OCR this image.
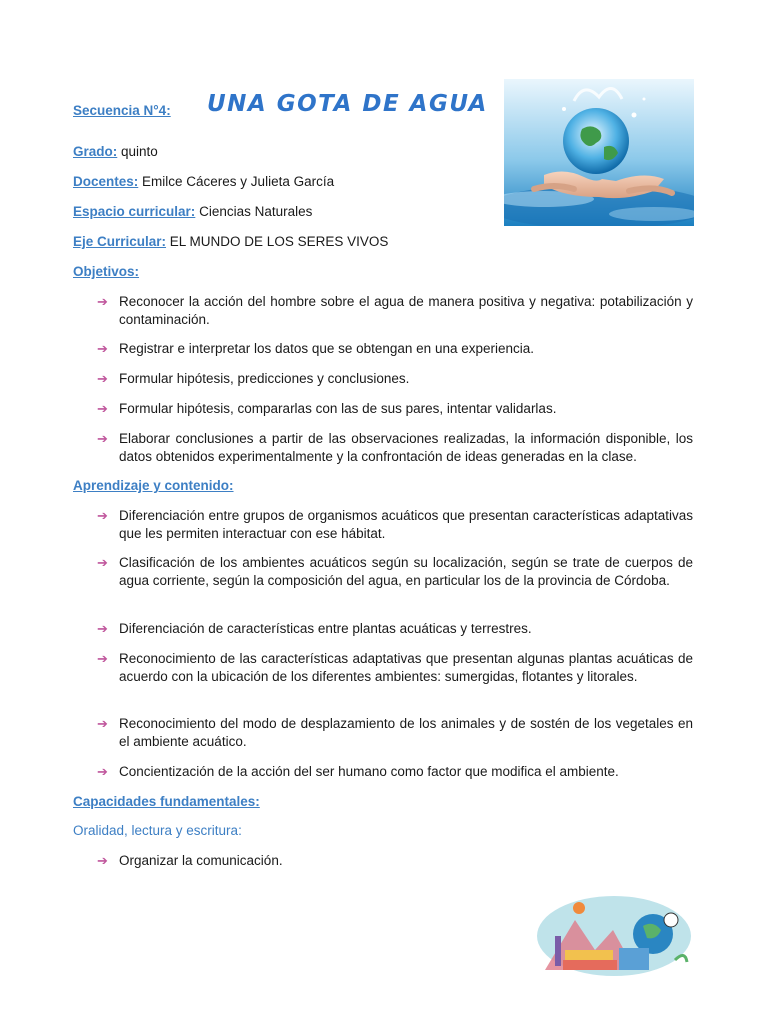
Secuencia N°4: UNA GOTA DE AGUA
Grado: quinto
Docentes: Emilce Cáceres y Julieta García
Espacio curricular: Ciencias Naturales
Eje Curricular: EL MUNDO DE LOS SERES VIVOS
Objetivos:
➔ Reconocer la acción del hombre sobre el agua de manera positiva y negativa: potabilización y contaminación.
➔ Registrar e interpretar los datos que se obtengan en una experiencia.
➔ Formular hipótesis, predicciones y conclusiones.
➔ Formular hipótesis, compararlas con las de sus pares, intentar validarlas.
➔ Elaborar conclusiones a partir de las observaciones realizadas, la información disponible, los datos obtenidos experimentalmente y la confrontación de ideas generadas en la clase.
Aprendizaje y contenido:
➔ Diferenciación entre grupos de organismos acuáticos que presentan características adaptativas que les permiten interactuar con ese hábitat.
➔ Clasificación de los ambientes acuáticos según su localización, según se trate de cuerpos de agua corriente, según la composición del agua, en particular los de la provincia de Córdoba.
➔ Diferenciación de características entre plantas acuáticas y terrestres.
➔ Reconocimiento de las características adaptativas que presentan algunas plantas acuáticas de acuerdo con la ubicación de los diferentes ambientes: sumergidas, flotantes y litorales.
➔ Reconocimiento del modo de desplazamiento de los animales y de sostén de los vegetales en el ambiente acuático.
➔ Concientización de la acción del ser humano como factor que modifica el ambiente.
Capacidades fundamentales:
Oralidad, lectura y escritura:
➔ Organizar la comunicación.
